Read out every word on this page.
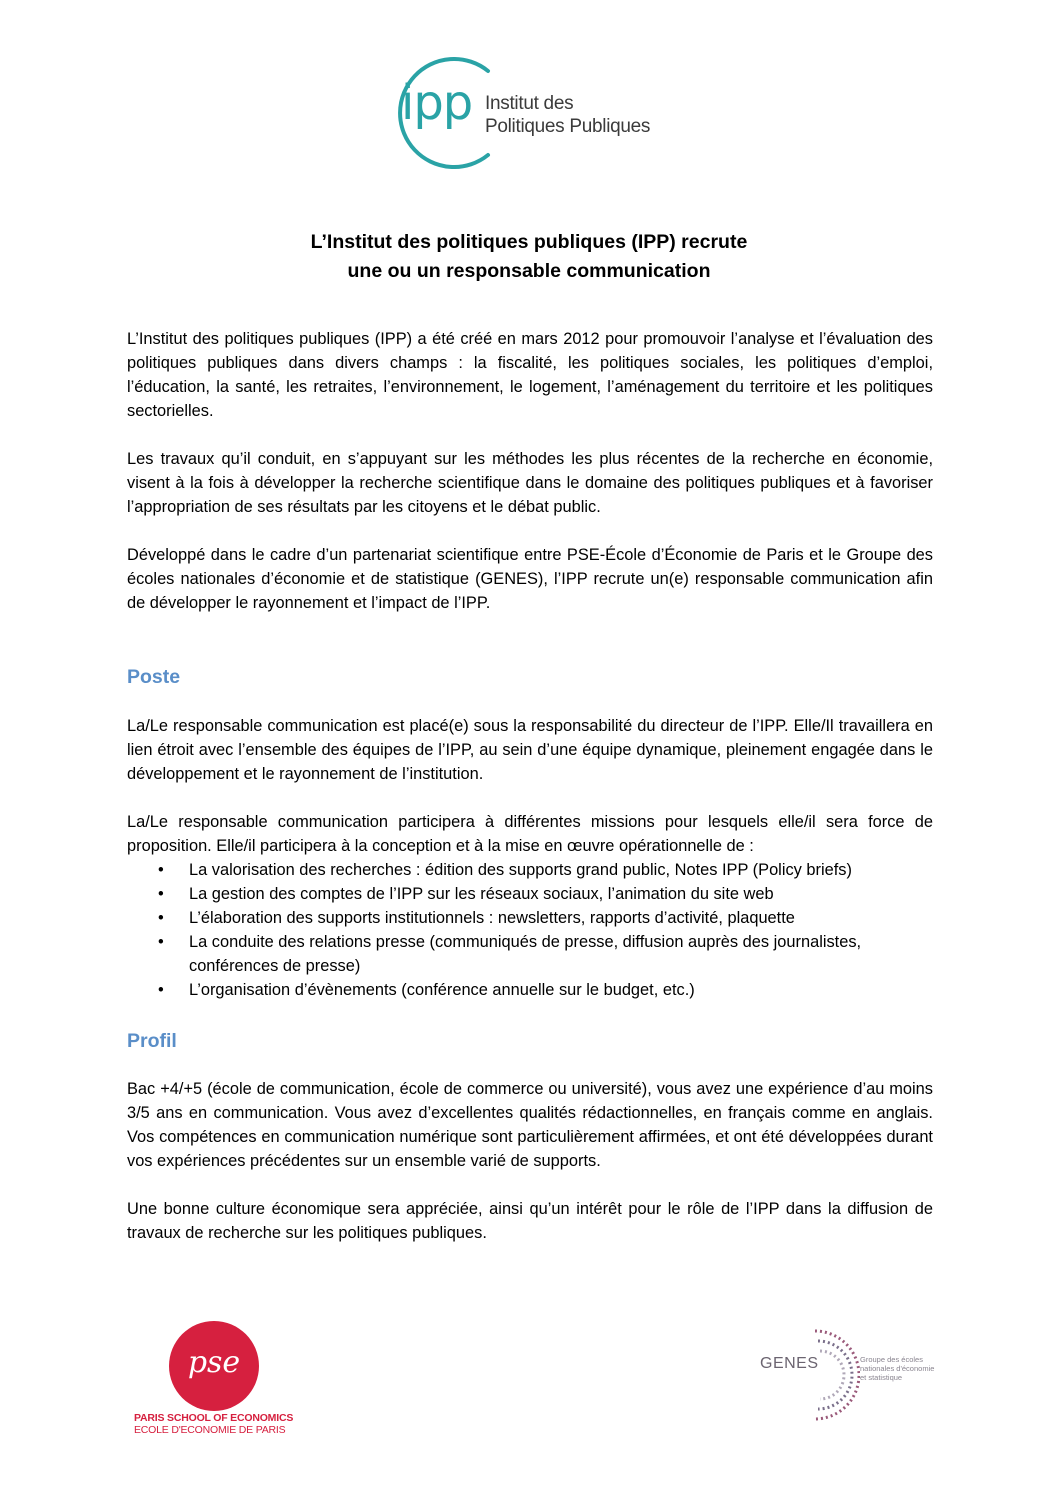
ipp Institut des
Politiques Publiques
L’Institut des politiques publiques (IPP) recrute
une ou un responsable communication

L’Institut des politiques publiques (IPP) a été créé en mars 2012 pour promouvoir l’analyse et l’évaluation des politiques publiques dans divers champs : la fiscalité, les politiques sociales, les politiques d’emploi, l’éducation, la santé, les retraites, l’environnement, le logement, l’aménagement du territoire et les politiques sectorielles.

Les travaux qu’il conduit, en s’appuyant sur les méthodes les plus récentes de la recherche en économie, visent à la fois à développer la recherche scientifique dans le domaine des politiques publiques et à favoriser l’appropriation de ses résultats par les citoyens et le débat public.

Développé dans le cadre d’un partenariat scientifique entre PSE-École d’Économie de Paris et le Groupe des écoles nationales d’économie et de statistique (GENES), l’IPP recrute un(e) responsable communication afin de développer le rayonnement et l’impact de l’IPP.

Poste

La/Le responsable communication est placé(e) sous la responsabilité du directeur de l’IPP. Elle/Il travaillera en lien étroit avec l’ensemble des équipes de l’IPP, au sein d’une équipe dynamique, pleinement engagée dans le développement et le rayonnement de l’institution.

La/Le responsable communication participera à différentes missions pour lesquels elle/il sera force de proposition. Elle/il participera à la conception et à la mise en œuvre opérationnelle de :

• La valorisation des recherches : édition des supports grand public, Notes IPP (Policy briefs)
• La gestion des comptes de l’IPP sur les réseaux sociaux, l’animation du site web
• L’élaboration des supports institutionnels : newsletters, rapports d’activité, plaquette
• La conduite des relations presse (communiqués de presse, diffusion auprès des journalistes, conférences de presse)
• L’organisation d’évènements (conférence annuelle sur le budget, etc.)
Profil

Bac +4/+5 (école de communication, école de commerce ou université), vous avez une expérience d’au moins 3/5 ans en communication. Vous avez d’excellentes qualités rédactionnelles, en français comme en anglais. Vos compétences en communication numérique sont particulièrement affirmées, et ont été développées durant vos expériences précédentes sur un ensemble varié de supports.

Une bonne culture économique sera appréciée, ainsi qu’un intérêt pour le rôle de l’IPP dans la diffusion de travaux de recherche sur les politiques publiques.

pse
PARIS SCHOOL OF ECONOMICS
ECOLE D'ECONOMIE DE PARIS
GENES	Groupe des écoles
nationales d'économie
et statistique
